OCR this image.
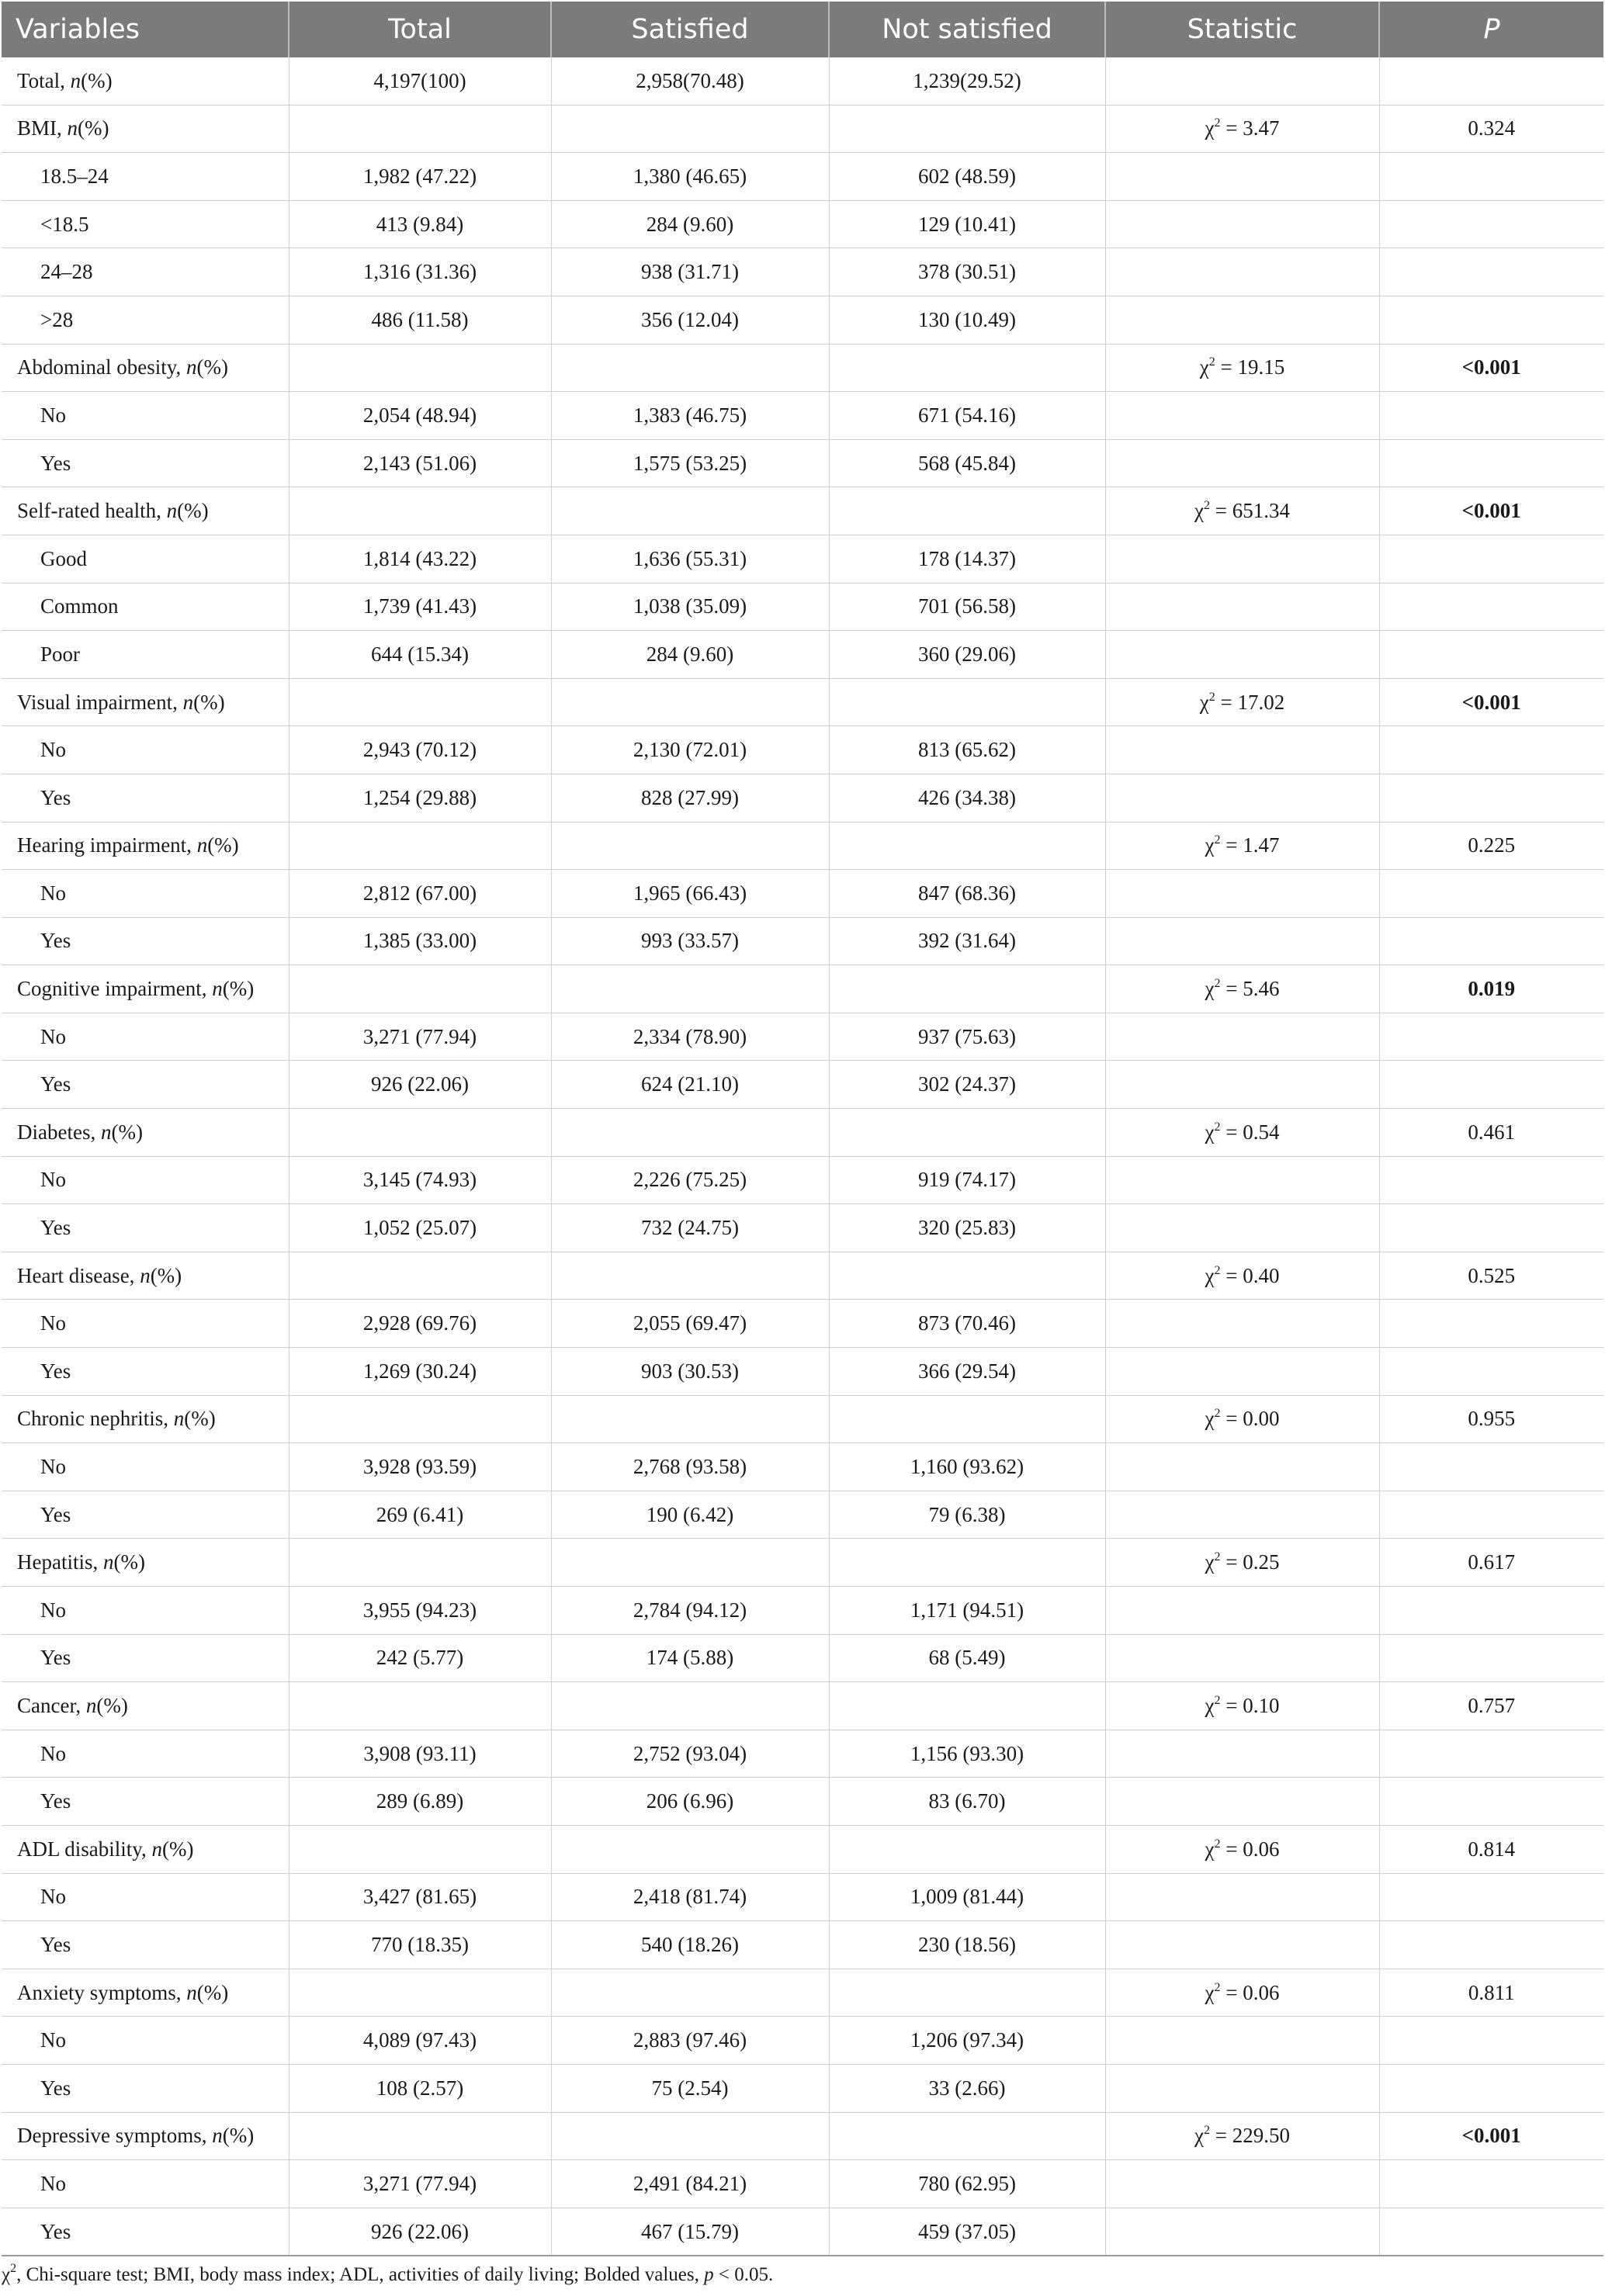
Variables	Total	Satisfied	Not satisfied	Statistic	P
Total, n(%)	4,197(100)	2,958(70.48)	1,239(29.52)		
BMI, n(%)				$\chi^2 = 3.47$	0.324
18.5–24	1,982 (47.22)	1,380 (46.65)	602 (48.59)		
<18.5	413 (9.84)	284 (9.60)	129 (10.41)		
24–28	1,316 (31.36)	938 (31.71)	378 (30.51)		
>28	486 (11.58)	356 (12.04)	130 (10.49)		
Abdominal obesity, n(%)				$\chi^2 = 19.15$	<0.001
No	2,054 (48.94)	1,383 (46.75)	671 (54.16)		
Yes	2,143 (51.06)	1,575 (53.25)	568 (45.84)		
Self-rated health, n(%)				$\chi^2 = 651.34$	<0.001
Good	1,814 (43.22)	1,636 (55.31)	178 (14.37)		
Common	1,739 (41.43)	1,038 (35.09)	701 (56.58)		
Poor	644 (15.34)	284 (9.60)	360 (29.06)		
Visual impairment, n(%)				$\chi^2 = 17.02$	<0.001
No	2,943 (70.12)	2,130 (72.01)	813 (65.62)		
Yes	1,254 (29.88)	828 (27.99)	426 (34.38)		
Hearing impairment, n(%)				$\chi^2 = 1.47$	0.225
No	2,812 (67.00)	1,965 (66.43)	847 (68.36)		
Yes	1,385 (33.00)	993 (33.57)	392 (31.64)		
Cognitive impairment, n(%)				$\chi^2 = 5.46$	0.019
No	3,271 (77.94)	2,334 (78.90)	937 (75.63)		
Yes	926 (22.06)	624 (21.10)	302 (24.37)		
Diabetes, n(%)				$\chi^2 = 0.54$	0.461
No	3,145 (74.93)	2,226 (75.25)	919 (74.17)		
Yes	1,052 (25.07)	732 (24.75)	320 (25.83)		
Heart disease, n(%)				$\chi^2 = 0.40$	0.525
No	2,928 (69.76)	2,055 (69.47)	873 (70.46)		
Yes	1,269 (30.24)	903 (30.53)	366 (29.54)		
Chronic nephritis, n(%)				$\chi^2 = 0.00$	0.955
No	3,928 (93.59)	2,768 (93.58)	1,160 (93.62)		
Yes	269 (6.41)	190 (6.42)	79 (6.38)		
Hepatitis, n(%)				$\chi^2 = 0.25$	0.617
No	3,955 (94.23)	2,784 (94.12)	1,171 (94.51)		
Yes	242 (5.77)	174 (5.88)	68 (5.49)		
Cancer, n(%)				$\chi^2 = 0.10$	0.757
No	3,908 (93.11)	2,752 (93.04)	1,156 (93.30)		
Yes	289 (6.89)	206 (6.96)	83 (6.70)		
ADL disability, n(%)				$\chi^2 = 0.06$	0.814
No	3,427 (81.65)	2,418 (81.74)	1,009 (81.44)		
Yes	770 (18.35)	540 (18.26)	230 (18.56)		
Anxiety symptoms, n(%)				$\chi^2 = 0.06$	0.811
No	4,089 (97.43)	2,883 (97.46)	1,206 (97.34)		
Yes	108 (2.57)	75 (2.54)	33 (2.66)		
Depressive symptoms, n(%)				$\chi^2 = 229.50$	<0.001
No	3,271 (77.94)	2,491 (84.21)	780 (62.95)		
Yes	926 (22.06)	467 (15.79)	459 (37.05)		
$\chi^2$, Chi-square test; BMI, body mass index; ADL, activities of daily living; Bolded values, p < 0.05.
